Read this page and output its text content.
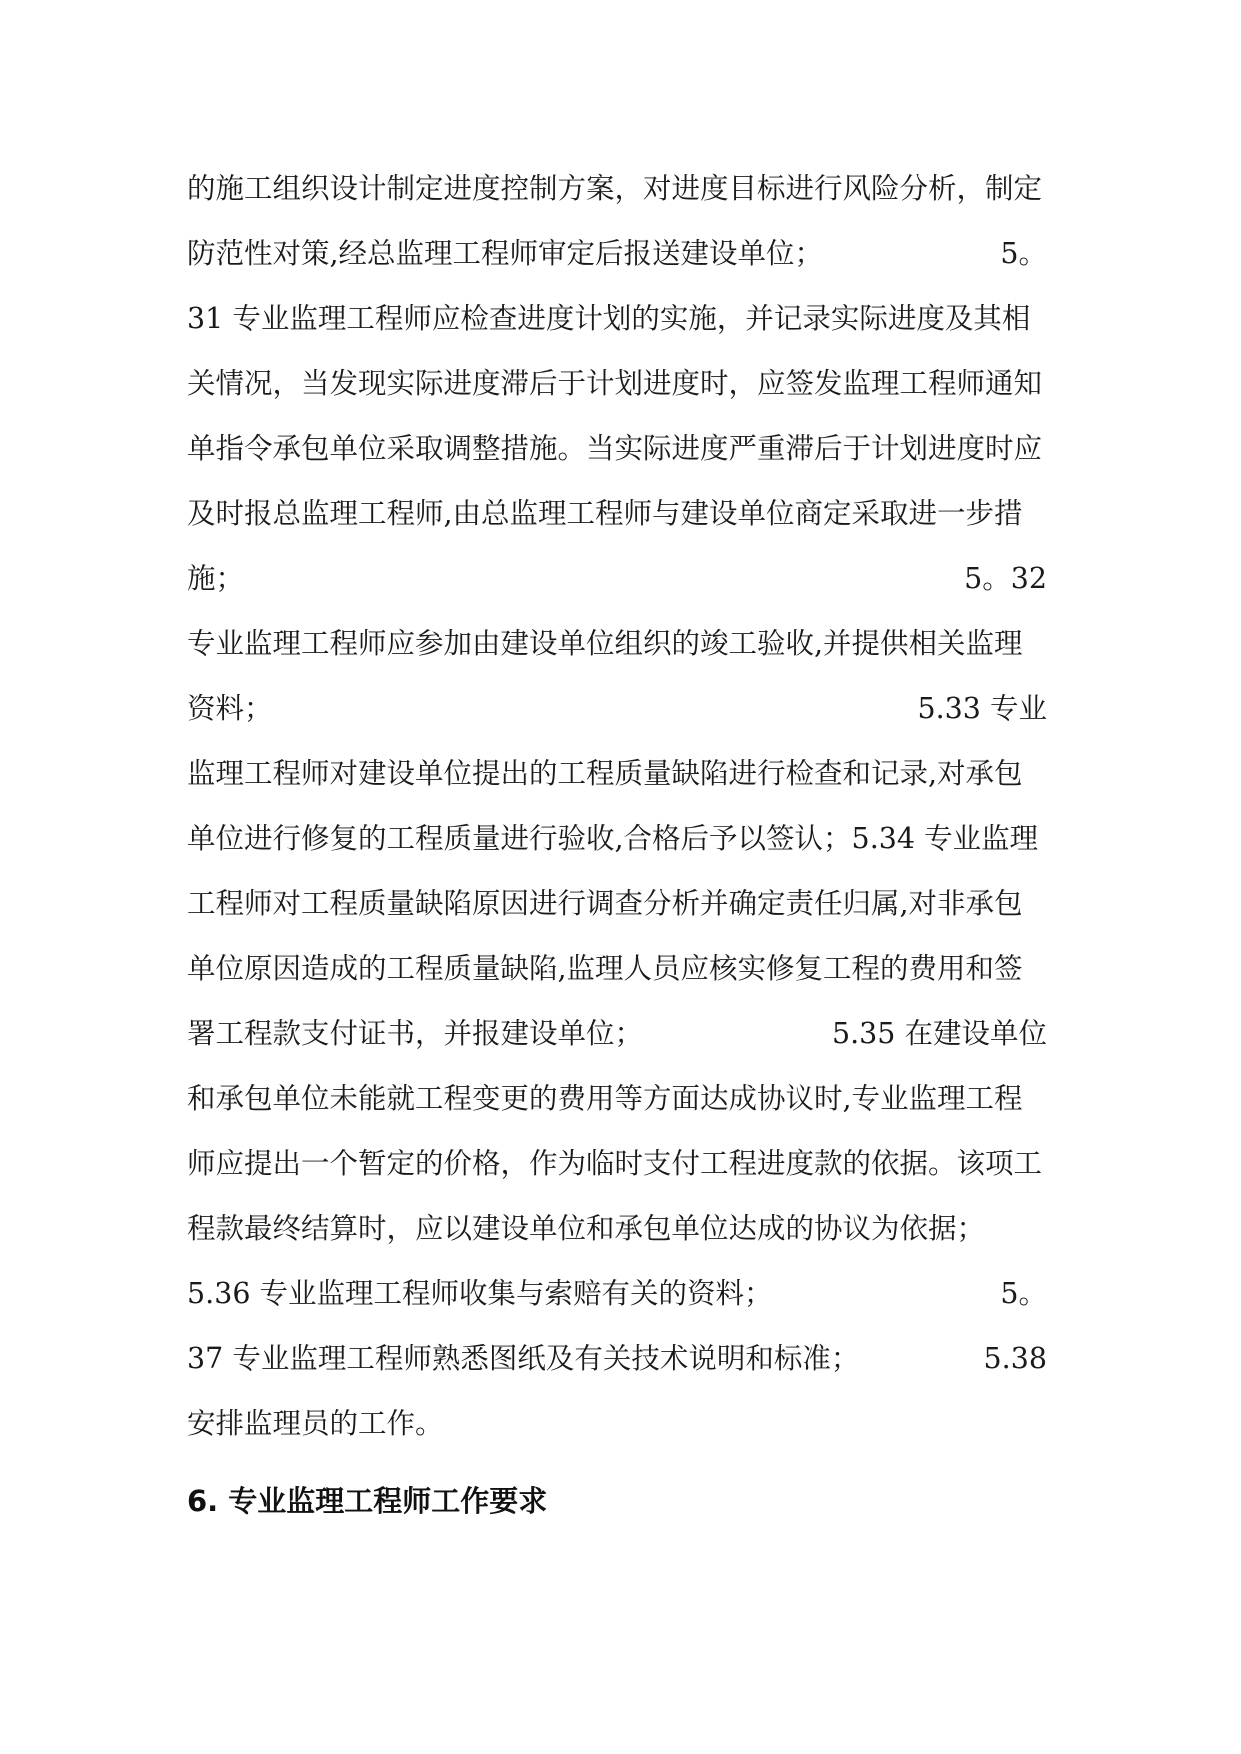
的施工组织设计制定进度控制方案，对进度目标进行风险分析，制定
防范性对策,经总监理工程师审定后报送建设单位；	5。
31 专业监理工程师应检查进度计划的实施，并记录实际进度及其相
关情况，当发现实际进度滞后于计划进度时，应签发监理工程师通知
单指令承包单位采取调整措施。当实际进度严重滞后于计划进度时应
及时报总监理工程师,由总监理工程师与建设单位商定采取进一步措
施；	5。32
专业监理工程师应参加由建设单位组织的竣工验收,并提供相关监理
资料；	5.33 专业
监理工程师对建设单位提出的工程质量缺陷进行检查和记录,对承包
单位进行修复的工程质量进行验收,合格后予以签认；5.34 专业监理
工程师对工程质量缺陷原因进行调查分析并确定责任归属,对非承包
单位原因造成的工程质量缺陷,监理人员应核实修复工程的费用和签
署工程款支付证书，并报建设单位；	5.35 在建设单位
和承包单位未能就工程变更的费用等方面达成协议时,专业监理工程
师应提出一个暂定的价格，作为临时支付工程进度款的依据。该项工
程款最终结算时，应以建设单位和承包单位达成的协议为依据；
5.36 专业监理工程师收集与索赔有关的资料；	5。
37 专业监理工程师熟悉图纸及有关技术说明和标准；	5.38
安排监理员的工作。
6. 专业监理工程师工作要求
